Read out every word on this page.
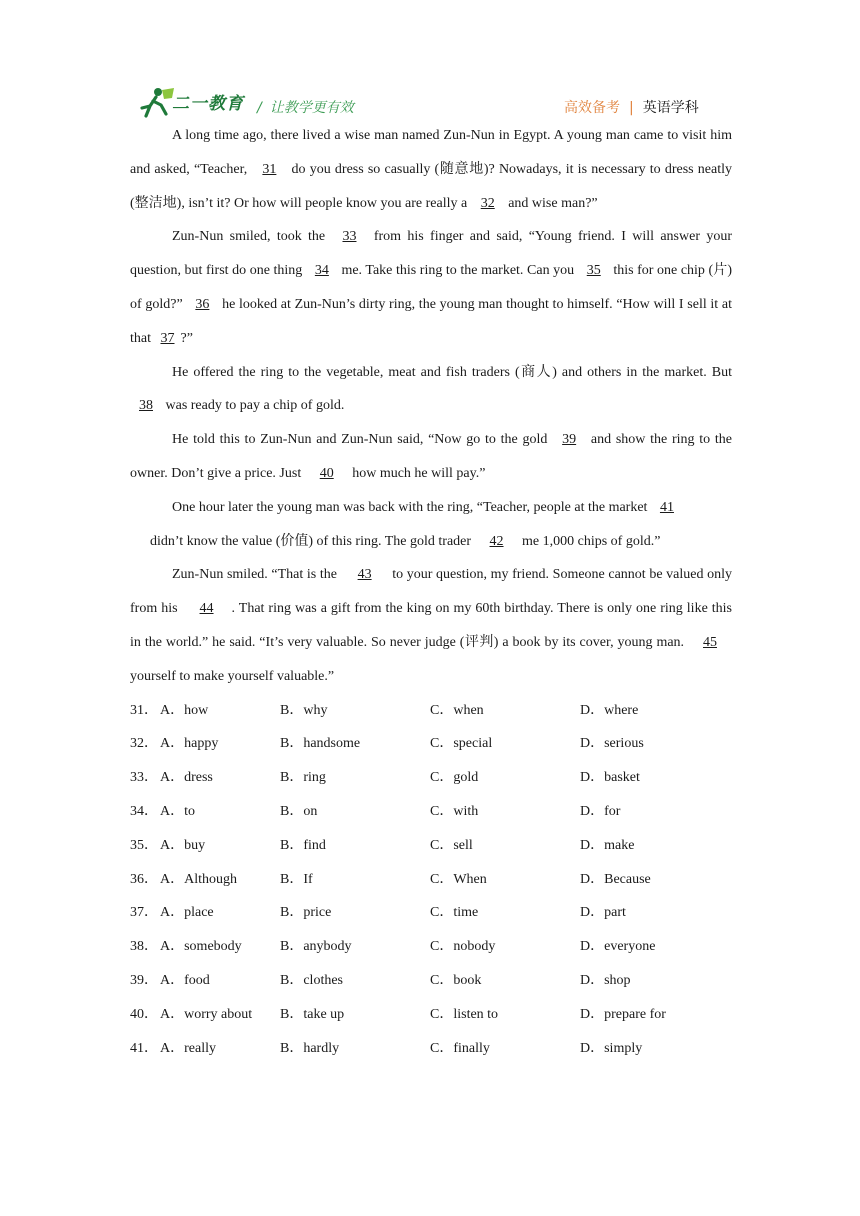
二一教育 / 让教学更有效	高效备考 | 英语学科

A long time ago, there lived a wise man named Zun-Nun in Egypt. A young man came to visit him and asked, “Teacher, 31 do you dress so casually (随意地)? Nowadays, it is necessary to dress neatly (整洁地), isn’t it? Or how will people know you are really a 32 and wise man?”

Zun-Nun smiled, took the 33 from his finger and said, “Young friend. I will answer your question, but first do one thing 34 me. Take this ring to the market. Can you 35 this for one chip (片) of gold?” 36 he looked at Zun-Nun’s dirty ring, the young man thought to himself. “How will I sell it at that 37 ?”

He offered the ring to the vegetable, meat and fish traders (商人) and others in the market. But 38 was ready to pay a chip of gold.

He told this to Zun-Nun and Zun-Nun said, “Now go to the gold 39 and show the ring to the owner. Don’t give a price. Just 40 how much he will pay.”

One hour later the young man was back with the ring, “Teacher, people at the market 41

didn’t know the value (价值) of this ring. The gold trader 42 me 1,000 chips of gold.”

Zun-Nun smiled. “That is the 43 to your question, my friend. Someone cannot be valued only from his 44 . That ring was a gift from the king on my 60th birthday. There is only one ring like this in the world.” he said. “It’s very valuable. So never judge (评判) a book by its cover, young man. 45 yourself to make yourself valuable.”

31． A．how	B．why	C．when	D．where
32． A．happy	B．handsome	C．special	D．serious
33． A．dress	B．ring	C．gold	D．basket
34． A．to	B．on	C．with	D．for
35． A．buy	B．find	C．sell	D．make
36． A．Although	B．If	C．When	D．Because
37． A．place	B．price	C．time	D．part
38． A．somebody	B．anybody	C．nobody	D．everyone
39． A．food	B．clothes	C．book	D．shop
40． A．worry about B．take up	C．listen to	D．prepare for
41． A．really	B．hardly	C．finally	D．simply
